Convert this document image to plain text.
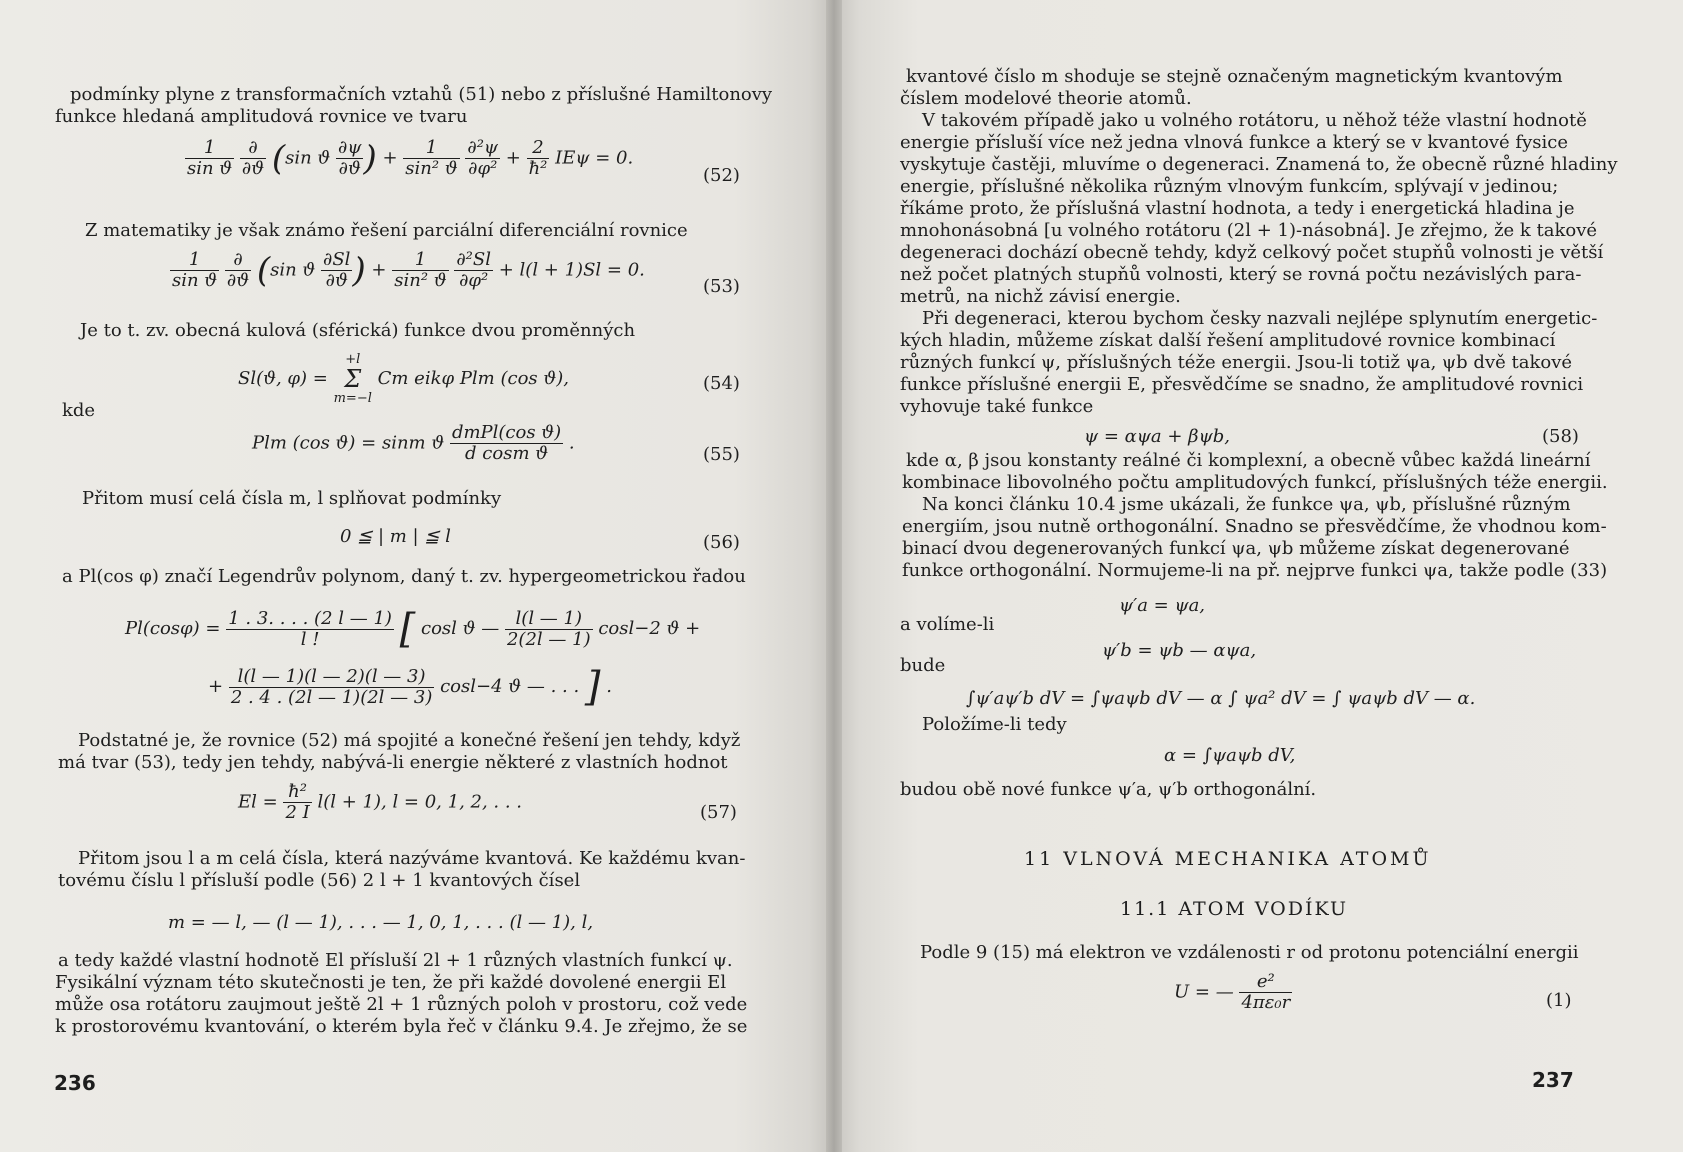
podmínky plyne z transformačních vztahů (51) nebo z příslušné Hamiltonovy
funkce hledaná amplitudová rovnice ve tvaru
$\frac{1}{\text{sin ϑ}}$
$\frac{\partial}{\partial ϑ} (\sin$ ϑ $\frac{\partial\psi}{\partial ϑ}$ ) + $\frac{1}{\text{sin² ϑ}}$
$\frac{\text{∂²ψ}}{\text{∂φ²}} + \frac{2}{\text{ħ²}}$ IEψ = 0.
(52)
Z matematiky je však známo řešení parciální diferenciální rovnice
$\frac{1}{\text{sin ϑ}}$
$\frac{\partial}{\partial ϑ} (\sin$ ϑ $\frac{\partial Sl}{\partial ϑ}$ ) + $\frac{1}{\text{sin² ϑ}}$
$\frac{\text{∂²Sl}}{\text{∂φ²}} + l(l + 1)Sl = 0$.
(53)
Je to t. zv. obecná kulová (sférická) funkce dvou proměnných
Sl(ϑ, φ) =
+l
Σ
m=−l
Cm eikφ Plm (cos ϑ),	(54)
kde
Plm (cos ϑ) = sinm ϑ $\frac{\text{dmPl(cos ϑ)}}{\text{d cosm ϑ}}$ .
(55)
Přitom musí celá čísla m, l splňovat podmínky
0 ≦ | m | ≦ l	(56)
a Pl(cos φ) značí Legendrův polynom, daný t. zv. hypergeometrickou řadou
$Pl(\cos\varphi) = \frac{1 . 3. . . . (2 l — 1)}{l !}$ [ cosl ϑ — $\frac{l(l — 1)}{2(2l — 1)} \cos l-2$ ϑ +
+ $\frac{l(l — 1)(l — 2)(l — 3)}{2 . 4 . (2l — 1)(2l — 3)} \cos l-4$ ϑ — . . . ] .
Podstatné je, že rovnice (52) má spojité a konečné řešení jen tehdy, když
má tvar (53), tedy jen tehdy, nabývá-li energie některé z vlastních hodnot
$El = \frac{\text{ħ²}}{2 I} l(l + 1)$, l = 0, 1, 2, . . .	(57)
Přitom jsou l a m celá čísla, která nazýváme kvantová. Ke každému kvan-
tovému číslu l přísluší podle (56) 2 l + 1 kvantových čísel
m = — l, — (l — 1), . . . — 1, 0, 1, . . . (l — 1), l,
a tedy každé vlastní hodnotě El přísluší 2l + 1 různých vlastních funkcí ψ.
Fysikální význam této skutečnosti je ten, že při každé dovolené energii El
může osa rotátoru zaujmout ještě 2l + 1 různých poloh v prostoru, což vede
k prostorovému kvantování, o kterém byla řeč v článku 9.4. Je zřejmo, že se
236
kvantové číslo m shoduje se stejně označeným magnetickým kvantovým
číslem modelové theorie atomů.
V takovém případě jako u volného rotátoru, u něhož téže vlastní hodnotě
energie přísluší více než jedna vlnová funkce a který se v kvantové fysice
vyskytuje častěji, mluvíme o degeneraci. Znamená to, že obecně různé hladiny
energie, příslušné několika různým vlnovým funkcím, splývají v jedinou;
říkáme proto, že příslušná vlastní hodnota, a tedy i energetická hladina je
mnohonásobná [u volného rotátoru (2l + 1)-násobná]. Je zřejmo, že k takové
degeneraci dochází obecně tehdy, když celkový počet stupňů volnosti je větší
než počet platných stupňů volnosti, který se rovná počtu nezávislých para-
metrů, na nichž závisí energie.
Při degeneraci, kterou bychom česky nazvali nejlépe splynutím energetic-
kých hladin, můžeme získat další řešení amplitudové rovnice kombinací
různých funkcí ψ, příslušných téže energii. Jsou-li totiž ψa, ψb dvě takové
funkce příslušné energii E, přesvědčíme se snadno, že amplitudové rovnici
vyhovuje také funkce
ψ = αψa + βψb,	(58)
kde α, β jsou konstanty reálné či komplexní, a obecně vůbec každá lineární
kombinace libovolného počtu amplitudových funkcí, příslušných téže energii.
Na konci článku 10.4 jsme ukázali, že funkce ψa, ψb, příslušné různým
energiím, jsou nutně orthogonální. Snadno se přesvědčíme, že vhodnou kom-
binací dvou degenerovaných funkcí ψa, ψb můžeme získat degenerované
funkce orthogonální. Normujeme-li na př. nejprve funkci ψa, takže podle (33)
ψ′a = ψa,
a volíme-li
ψ′b = ψb — αψa,
bude
∫ψ′aψ′b dV = ∫ψaψb dV — α ∫ ψa² dV = ∫ ψaψb dV — α.
Položíme-li tedy
α = ∫ψaψb dV,
budou obě nové funkce ψ′a, ψ′b orthogonální.
11 VLNOVÁ MECHANIKA ATOMŮ
11.1 ATOM VODÍKU
Podle 9 (15) má elektron ve vzdálenosti r od protonu potenciální energii
U = — $\frac{\text{e²}}{\text{4πε₀r}}$	(1)
237
